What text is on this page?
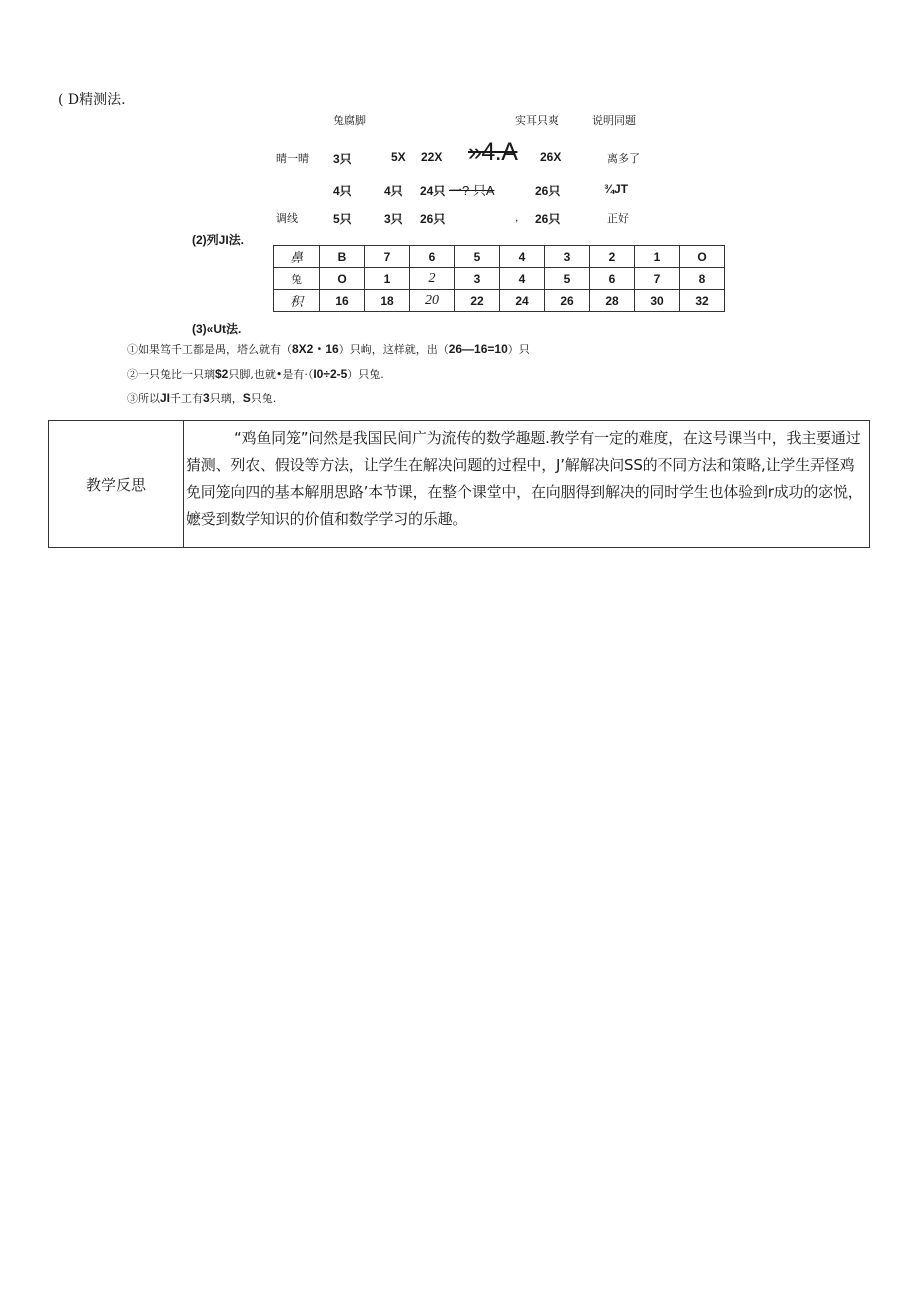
( D精测法.
兔腐脚	实耳只爽	说明同题
晴一晴 3只	5X 22X »4.A 26X	离多了
4只	4只 24只 一? 只A	26只	¾JT
调线	5只	3只 26只	, 26只	正好
(2)列JI法.
鼻	B	7	6	5	4	3	2	1	O
兔	O	1	2	3	4	5	6	7	8
积	16	18	20	22	24	26	28	30	32
(3)«Ut法.
①如果笃千工都是禺，塔么就有（8X2・16）只岣，这样就，出（26—16=10）只
②一只兔比一只璃$2只脚,也就•是有·（I0÷2-5）只兔.
③所以JI千工有3只璃，S只兔.
教学反思
“鸡鱼同笼”问然是我国民间广为流传的数学趣题.教学有一定的难度，在这号课当中，我主要通过猜测、列农、假设等方法，让学生在解决问题的过程中，J’解解决问SS的不同方法和策略,让学生弄怪鸡免同笼向四的基本解朋思路’本节课，在整个课堂中，在向胭得到解决的同时学生也体验到r成功的宓悦，嬷受到数学知识的价值和数学学习的乐趣。
